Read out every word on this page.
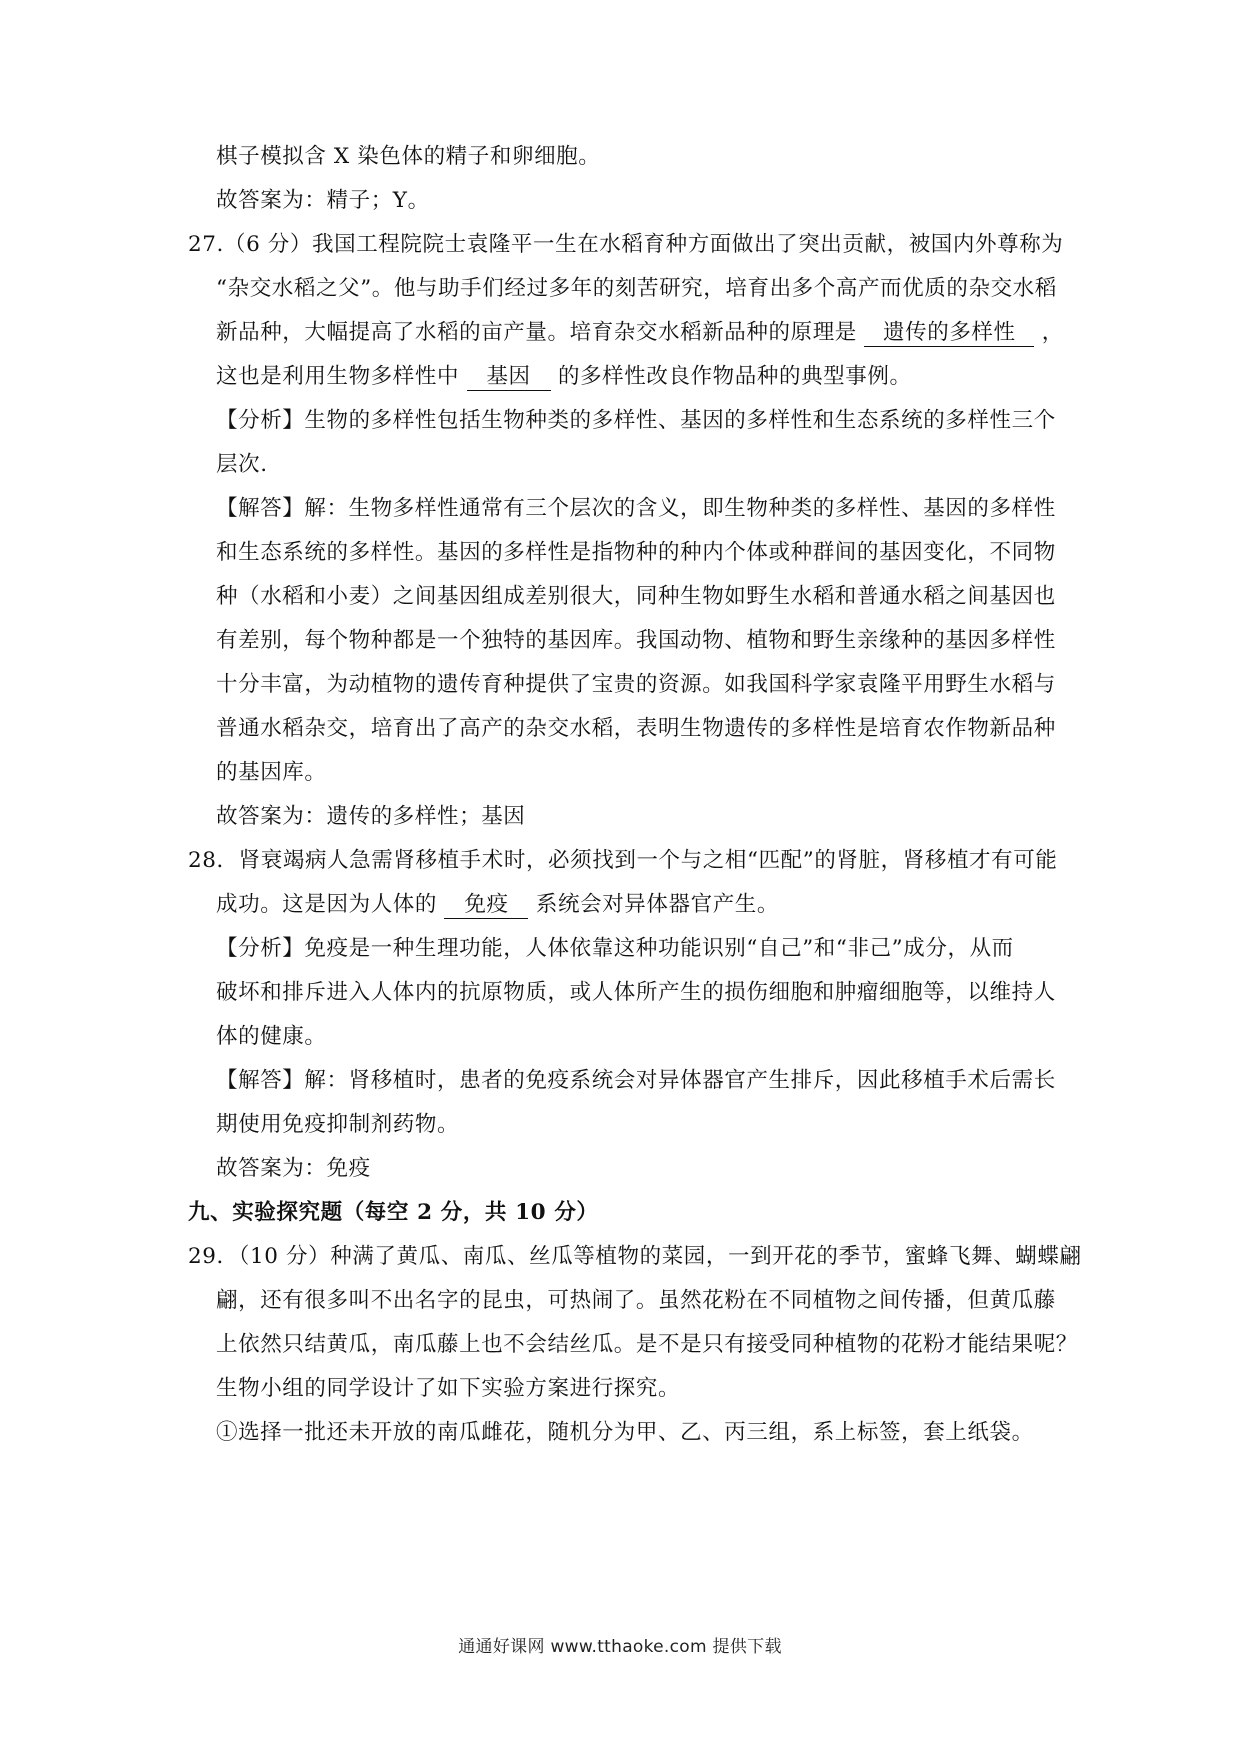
棋子模拟含 X 染色体的精子和卵细胞。
故答案为：精子；Y。
27.（6 分）我国工程院院士袁隆平一生在水稻育种方面做出了突出贡献，被国内外尊称为
“杂交水稻之父”。他与助手们经过多年的刻苦研究，培育出多个高产而优质的杂交水稻
新品种，大幅提高了水稻的亩产量。培育杂交水稻新品种的原理是 遗传的多样性 ，
这也是利用生物多样性中 基因 的多样性改良作物品种的典型事例。
【分析】生物的多样性包括生物种类的多样性、基因的多样性和生态系统的多样性三个
层次.
【解答】解：生物多样性通常有三个层次的含义，即生物种类的多样性、基因的多样性
和生态系统的多样性。基因的多样性是指物种的种内个体或种群间的基因变化，不同物
种（水稻和小麦）之间基因组成差别很大，同种生物如野生水稻和普通水稻之间基因也
有差别，每个物种都是一个独特的基因库。我国动物、植物和野生亲缘种的基因多样性
十分丰富，为动植物的遗传育种提供了宝贵的资源。如我国科学家袁隆平用野生水稻与
普通水稻杂交，培育出了高产的杂交水稻，表明生物遗传的多样性是培育农作物新品种
的基因库。
故答案为：遗传的多样性；基因
28．肾衰竭病人急需肾移植手术时，必须找到一个与之相“匹配”的肾脏，肾移植才有可能
成功。这是因为人体的 免疫 系统会对异体器官产生。
【分析】免疫是一种生理功能，人体依靠这种功能识别“自己”和“非己”成分，从而
破坏和排斥进入人体内的抗原物质，或人体所产生的损伤细胞和肿瘤细胞等，以维持人
体的健康。
【解答】解：肾移植时，患者的免疫系统会对异体器官产生排斥，因此移植手术后需长
期使用免疫抑制剂药物。
故答案为：免疫
九、实验探究题（每空 2 分，共 10 分）
29．（10 分）种满了黄瓜、南瓜、丝瓜等植物的菜园，一到开花的季节，蜜蜂飞舞、蝴蝶翩
翩，还有很多叫不出名字的昆虫，可热闹了。虽然花粉在不同植物之间传播，但黄瓜藤
上依然只结黄瓜，南瓜藤上也不会结丝瓜。是不是只有接受同种植物的花粉才能结果呢？
生物小组的同学设计了如下实验方案进行探究。
①选择一批还未开放的南瓜雌花，随机分为甲、乙、丙三组，系上标签，套上纸袋。
通通好课网 www.tthaoke.com 提供下载
